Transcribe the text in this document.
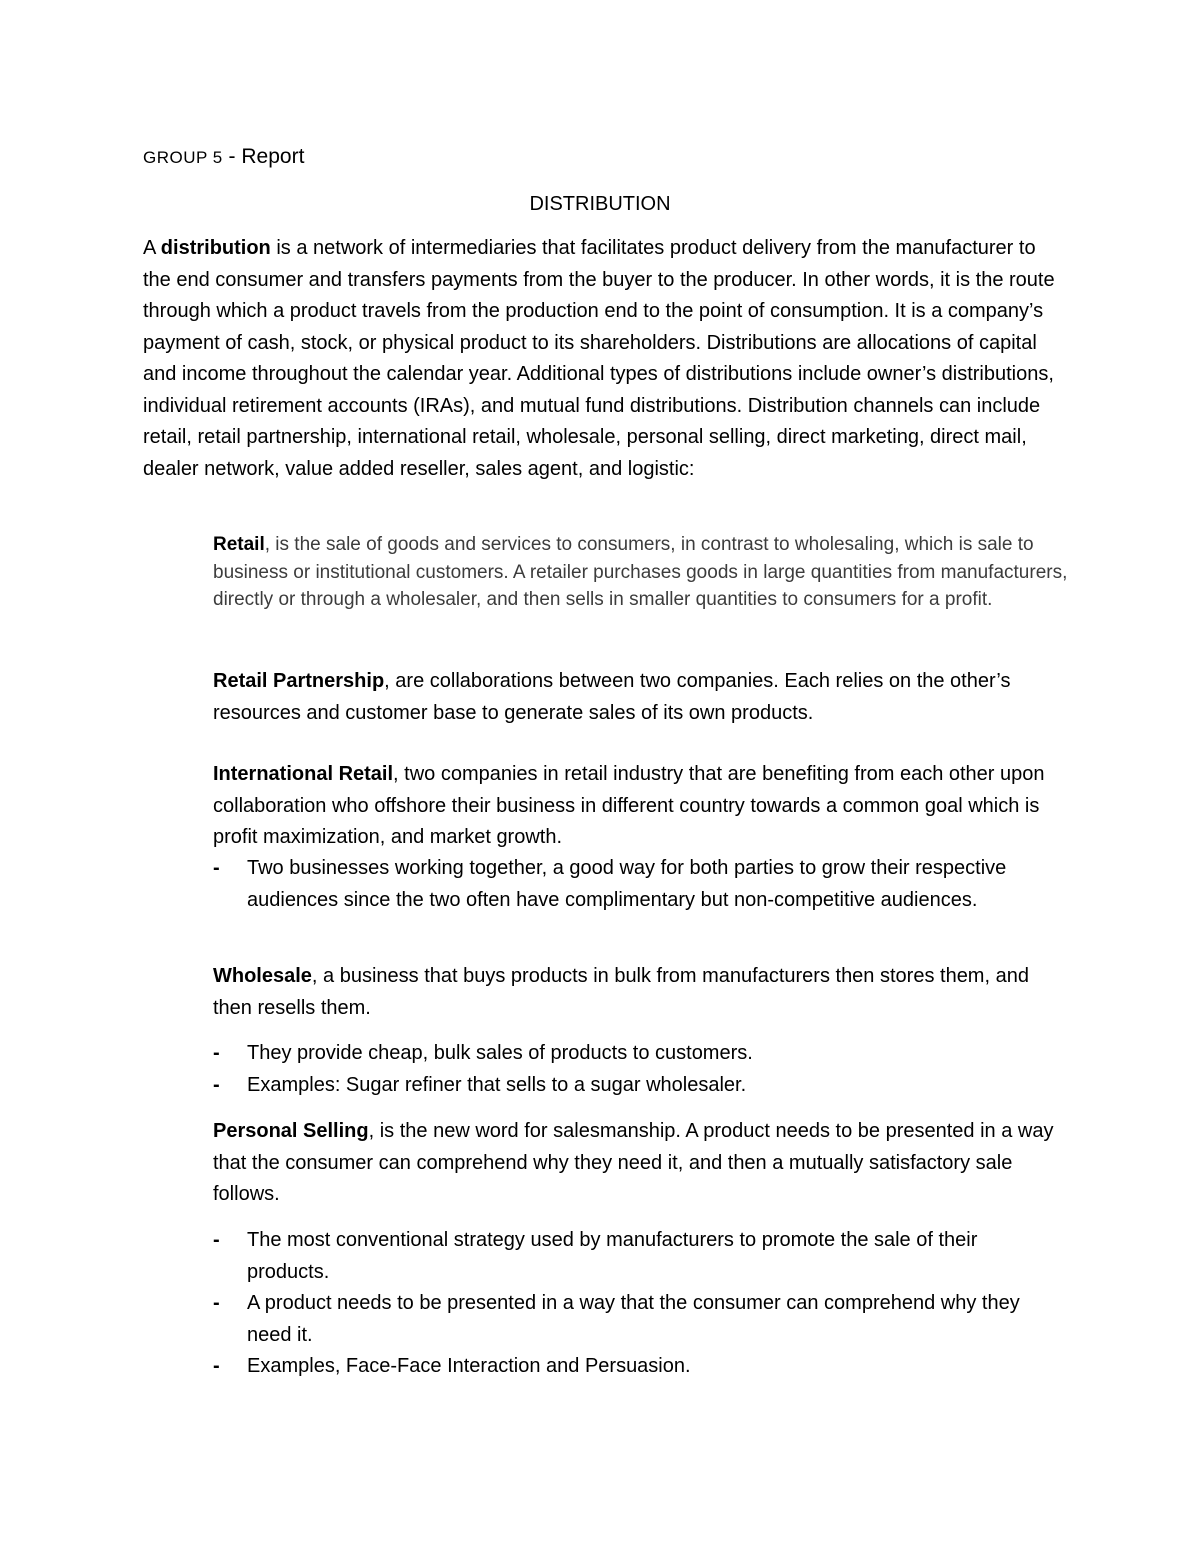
GROUP 5 - Report
DISTRIBUTION

A distribution is a network of intermediaries that facilitates product delivery from the manufacturer to the end consumer and transfers payments from the buyer to the producer. In other words, it is the route through which a product travels from the production end to the point of consumption. It is a company’s payment of cash, stock, or physical product to its shareholders. Distributions are allocations of capital and income throughout the calendar year. Additional types of distributions include owner’s distributions, individual retirement accounts (IRAs), and mutual fund distributions. Distribution channels can include retail, retail partnership, international retail, wholesale, personal selling, direct marketing, direct mail, dealer network, value added reseller, sales agent, and logistic:

Retail, is the sale of goods and services to consumers, in contrast to wholesaling, which is sale to business or institutional customers. A retailer purchases goods in large quantities from manufacturers, directly or through a wholesaler, and then sells in smaller quantities to consumers for a profit.

Retail Partnership, are collaborations between two companies. Each relies on the other’s resources and customer base to generate sales of its own products.

International Retail, two companies in retail industry that are benefiting from each other upon collaboration who offshore their business in different country towards a common goal which is profit maximization, and market growth.

- Two businesses working together, a good way for both parties to grow their respective audiences since the two often have complimentary but non-competitive audiences.

Wholesale, a business that buys products in bulk from manufacturers then stores them, and then resells them.

- They provide cheap, bulk sales of products to customers.
- Examples: Sugar refiner that sells to a sugar wholesaler.

Personal Selling, is the new word for salesmanship. A product needs to be presented in a way that the consumer can comprehend why they need it, and then a mutually satisfactory sale follows.

- The most conventional strategy used by manufacturers to promote the sale of their products.
- A product needs to be presented in a way that the consumer can comprehend why they need it.
- Examples, Face-Face Interaction and Persuasion.
